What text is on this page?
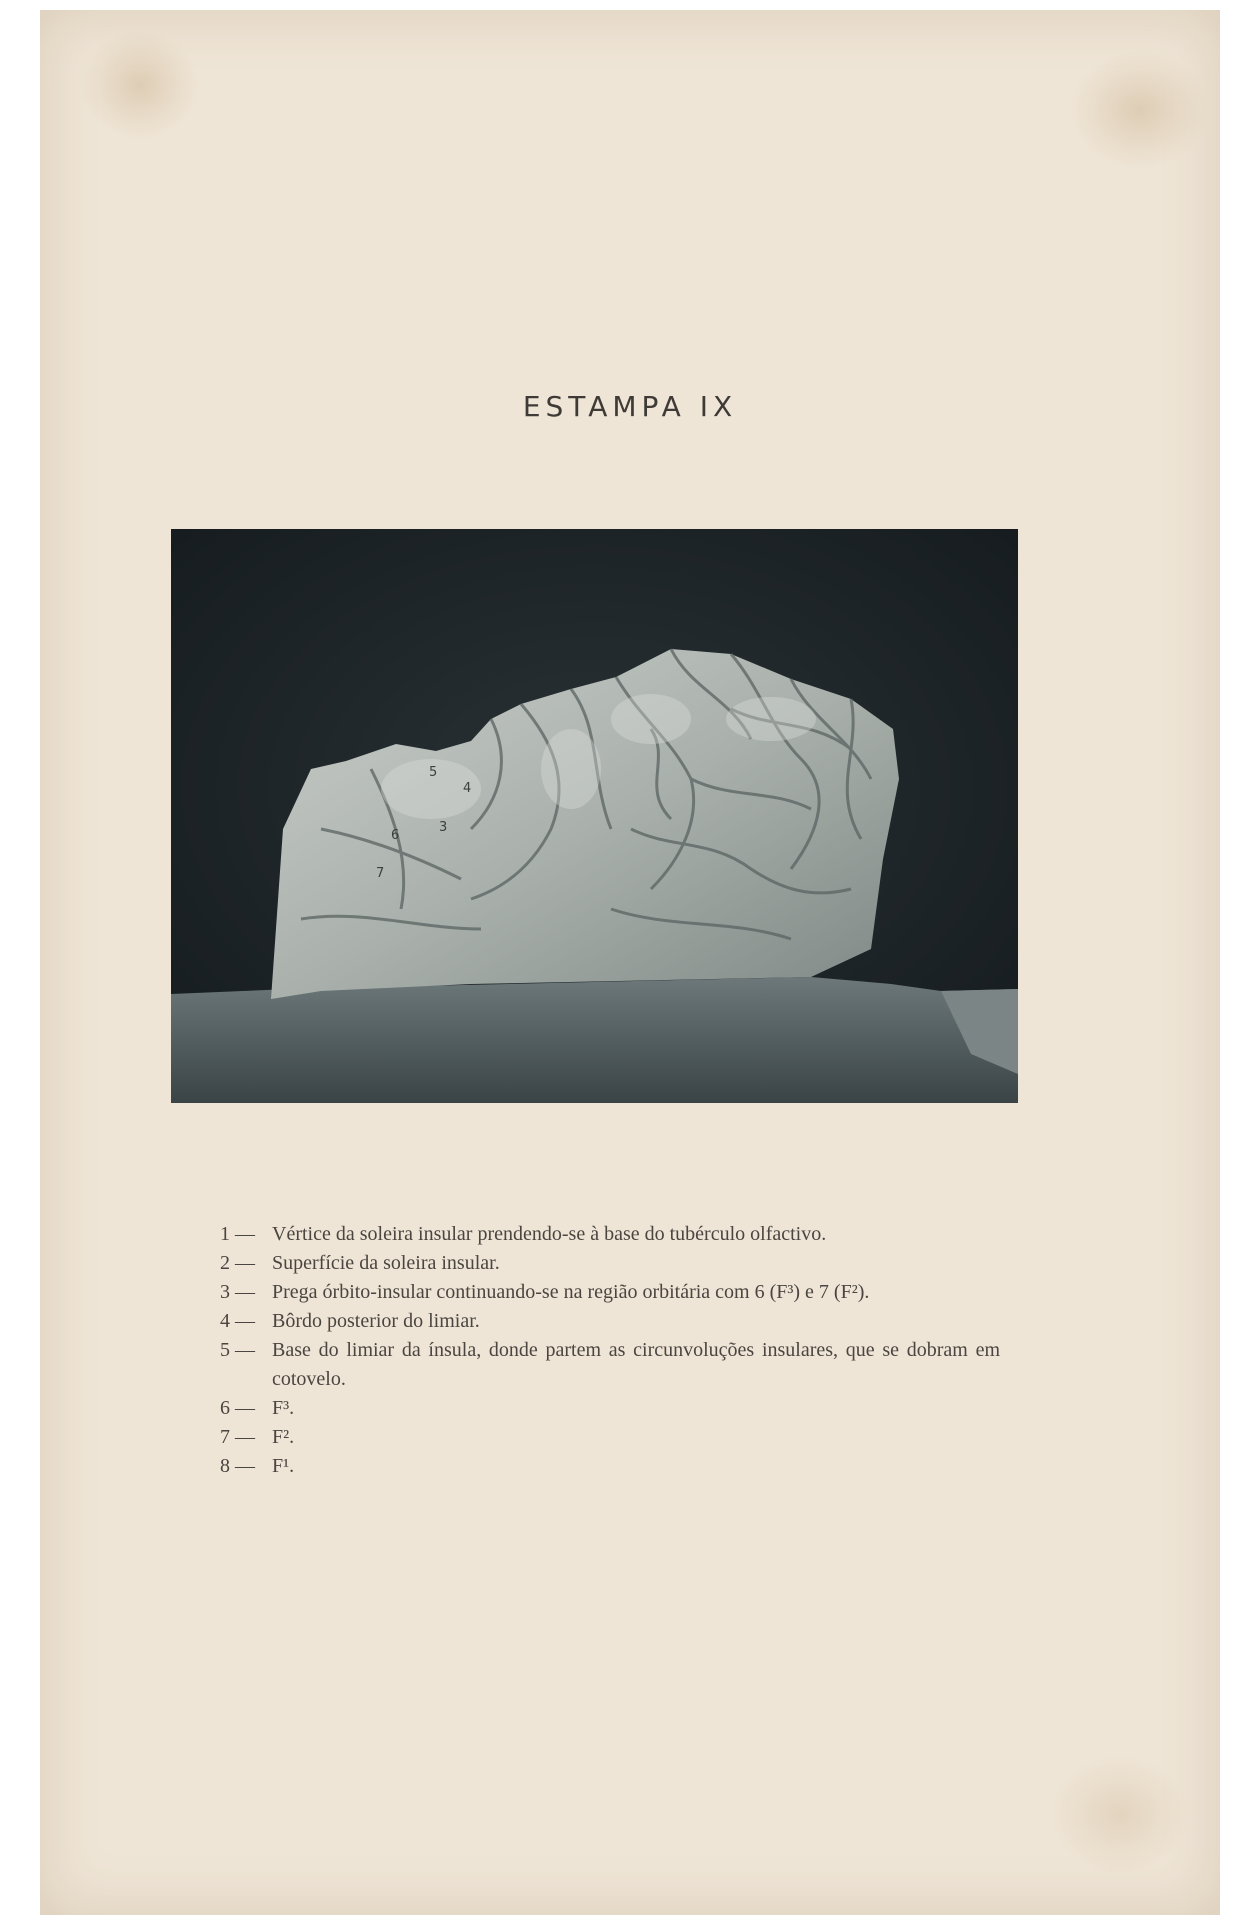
ESTAMPA IX
4
5
3
6
7
1 — Vértice da soleira insular prendendo-se à base do tubérculo olfactivo.
2 — Superfície da soleira insular.
3 — Prega órbito-insular continuando-se na região orbitária com 6 (F³) e 7 (F²).
4 — Bôrdo posterior do limiar.
5 — Base do limiar da ínsula, donde partem as circunvoluções insulares, que se dobram em cotovelo.
6 — F³.
7 — F².
8 — F¹.
